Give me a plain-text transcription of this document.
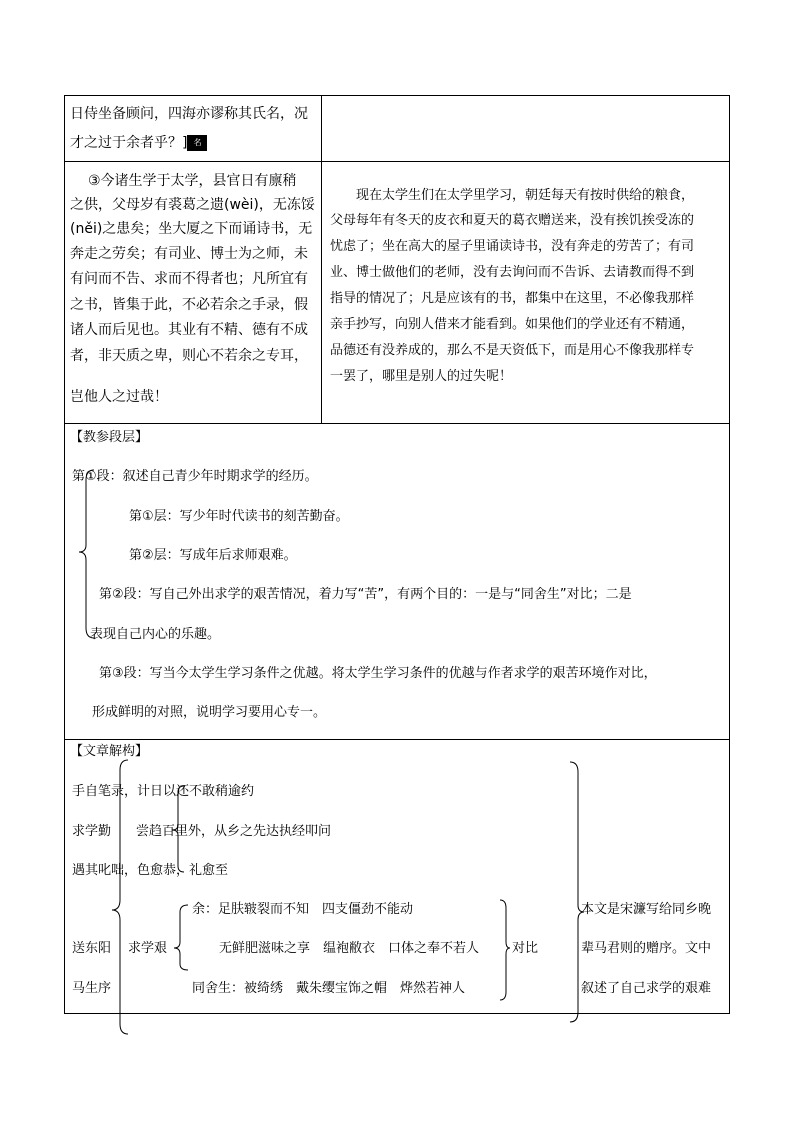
日侍坐备顾问，四海亦谬称其氏名，况才之过于余者乎？] 名
③今诸生学于太学，县官日有廪稍
之供，父母岁有裘葛之遗(wèi)，无冻馁
(něi)之患矣；坐大厦之下而诵诗书，无
奔走之劳矣；有司业、博士为之师，未
有问而不告、求而不得者也；凡所宜有
之书，皆集于此，不必若余之手录，假
诸人而后见也。其业有不精、德有不成
者，非天质之卑，则心不若余之专耳，
岂他人之过哉！
现在太学生们在太学里学习，朝廷每天有按时供给的粮食，
父母每年有冬天的皮衣和夏天的葛衣赠送来，没有挨饥挨受冻的
忧虑了；坐在高大的屋子里诵读诗书，没有奔走的劳苦了；有司
业、博士做他们的老师，没有去询问而不告诉、去请教而得不到
指导的情况了；凡是应该有的书，都集中在这里，不必像我那样
亲手抄写，向别人借来才能看到。如果他们的学业还有不精通，
品德还有没养成的，那么不是天资低下，而是用心不像我那样专
一罢了，哪里是别人的过失呢！
【教参段层】
第①段：叙述自己青少年时期求学的经历。
第①层：写少年时代读书的刻苦勤奋。
第②层：写成年后求师艰难。
第②段：写自己外出求学的艰苦情况，着力写“苦”，有两个目的：一是与“同舍生”对比；二是
表现自己内心的乐趣。
第③段：写当今太学生学习条件之优越。将太学生学习条件的优越与作者求学的艰苦环境作对比，
形成鲜明的对照，说明学习要用心专一。
【文章解构】
手自笔录，计日以还不敢稍逾约
求学勤 尝趋百里外，从乡之先达执经叩问
遇其叱咄，色愈恭，礼愈至
送东阳
马生序
求学艰
余：足肤皲裂而不知　四支僵劲不能动
无鲜肥滋味之享　缊袍敝衣　口体之奉不若人	对比
同舍生：被绮绣　戴朱缨宝饰之帽　烨然若神人
本文是宋濂写给同乡晚
辈马君则的赠序。文中
叙述了自己求学的艰难
